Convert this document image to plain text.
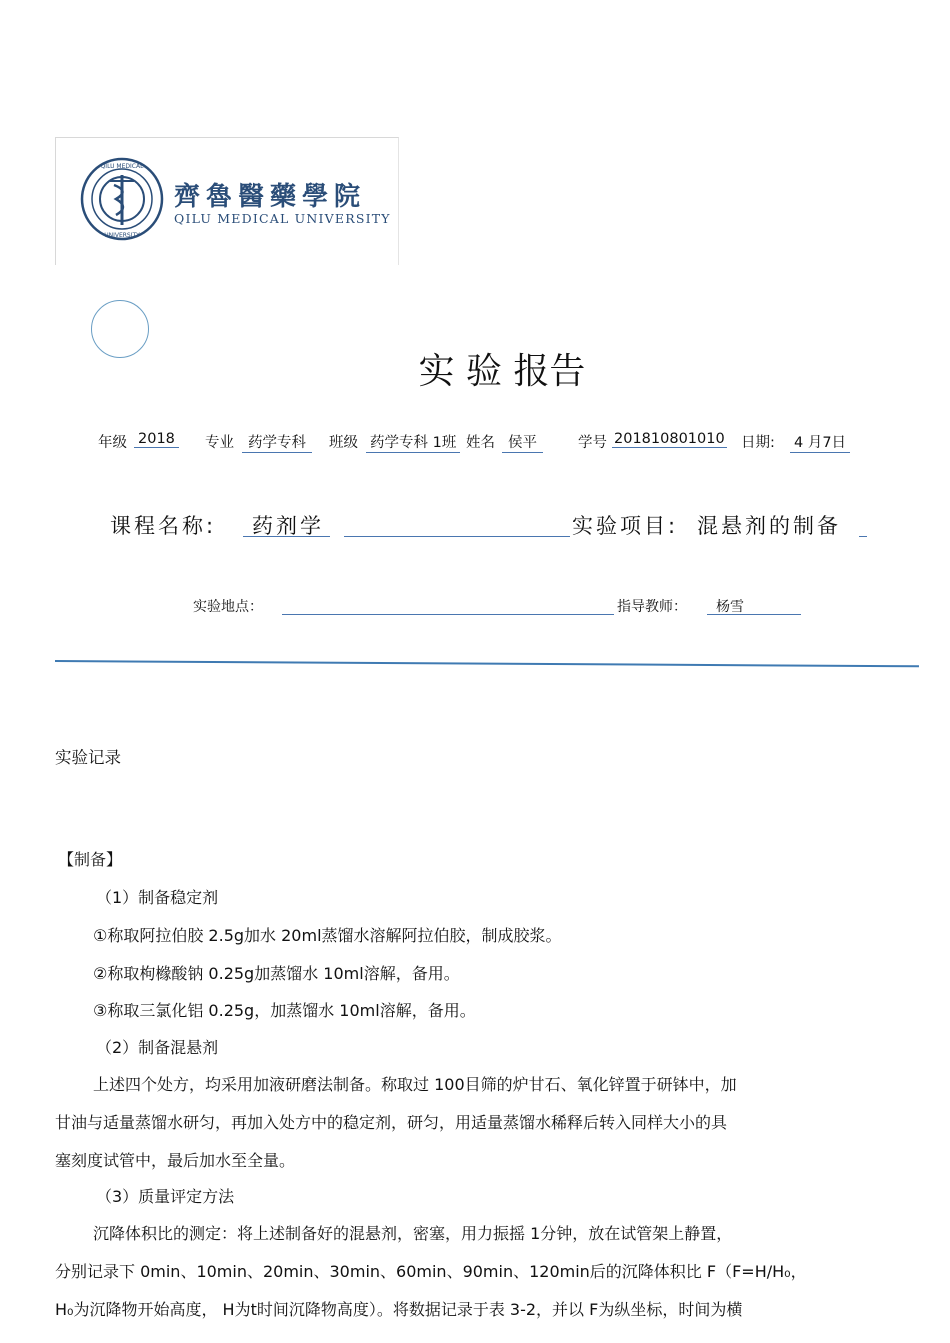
QILU MEDICAL
UNIVERSITY
齊魯醫藥學院
QILU MEDICAL UNIVERSITY
实 验 报告
年级 2018 专业 药学专科	班级 药学专科 1班 姓名 侯平	学号 201810801010 日期: 4 月7日
课程名称: 药剂学	实验项目: 混悬剂的制备
实验地点：	指导教师： 杨雪
实验记录
【制备】
（1）制备稳定剂
①称取阿拉伯胶 2.5g加水 20ml蒸馏水溶解阿拉伯胶，制成胶浆。
②称取枸橼酸钠 0.25g加蒸馏水 10ml溶解，备用。
③称取三氯化铝 0.25g，加蒸馏水 10ml溶解，备用。
（2）制备混悬剂
上述四个处方，均采用加液研磨法制备。称取过 100目筛的炉甘石、氧化锌置于研钵中，加
甘油与适量蒸馏水研匀，再加入处方中的稳定剂，研匀，用适量蒸馏水稀释后转入同样大小的具
塞刻度试管中，最后加水至全量。
（3）质量评定方法
沉降体积比的测定：将上述制备好的混悬剂，密塞，用力振摇 1分钟，放在试管架上静置，
分别记录下 0min、10min、20min、30min、60min、90min、120min后的沉降体积比 F（F=H/H₀，
H₀为沉降物开始高度， H为t时间沉降物高度）。将数据记录于表 3-2，并以 F为纵坐标，时间为横
